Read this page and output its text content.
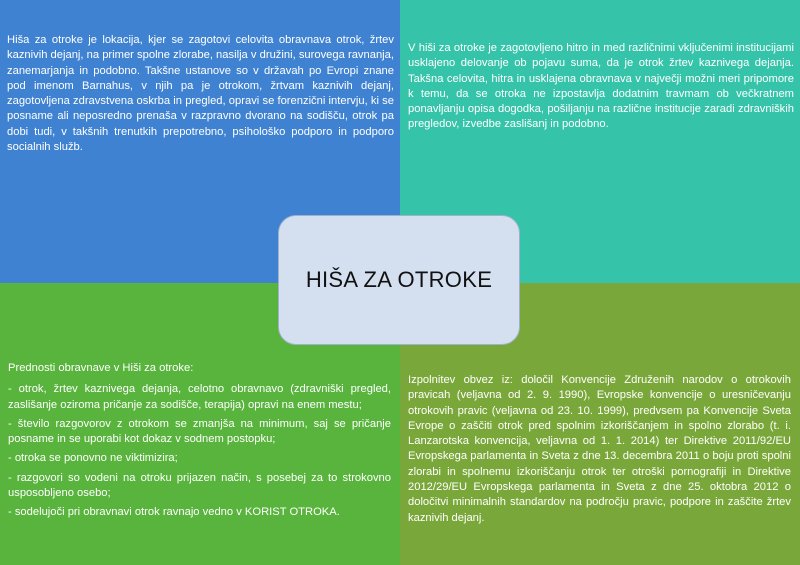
Hiša za otroke je lokacija, kjer se zagotovi celovita obravnava otrok, žrtev kaznivih dejanj, na primer spolne zlorabe, nasilja v družini, surovega ravnanja, zanemarjanja in podobno. Takšne ustanove so v državah po Evropi znane pod imenom Barnahus, v njih pa je otrokom, žrtvam kaznivih dejanj, zagotovljena zdravstvena oskrba in pregled, opravi se forenzični intervju, ki se posname ali neposredno prenaša v razpravno dvorano na sodišču, otrok pa dobi tudi, v takšnih trenutkih prepotrebno, psihološko podporo in podporo socialnih služb.

V hiši za otroke je zagotovljeno hitro in med različnimi vključenimi institucijami usklajeno delovanje ob pojavu suma, da je otrok žrtev kaznivega dejanja. Takšna celovita, hitra in usklajena obravnava v največji možni meri pripomore k temu, da se otroka ne izpostavlja dodatnim travmam ob večkratnem ponavljanju opisa dogodka, pošiljanju na različne institucije zaradi zdravniških pregledov, izvedbe zaslišanj in podobno.

Prednosti obravnave v Hiši za otroke:

- otrok, žrtev kaznivega dejanja, celotno obravnavo (zdravniški pregled, zaslišanje oziroma pričanje za sodišče, terapija) opravi na enem mestu;
- število razgovorov z otrokom se zmanjša na minimum, saj se pričanje posname in se uporabi kot dokaz v sodnem postopku;
- otroka se ponovno ne viktimizira;
- razgovori so vodeni na otroku prijazen način, s posebej za to strokovno usposobljeno osebo;
- sodelujoči pri obravnavi otrok ravnajo vedno v KORIST OTROKA.

Izpolnitev obvez iz: določil Konvencije Združenih narodov o otrokovih pravicah (veljavna od 2. 9. 1990), Evropske konvencije o uresničevanju otrokovih pravic (veljavna od 23. 10. 1999), predvsem pa Konvencije Sveta Evrope o zaščiti otrok pred spolnim izkoriščanjem in spolno zlorabo (t. i. Lanzarotska konvencija, veljavna od 1. 1. 2014) ter Direktive 2011/92/EU Evropskega parlamenta in Sveta z dne 13. decembra 2011 o boju proti spolni zlorabi in spolnemu izkoriščanju otrok ter otroški pornografiji in Direktive 2012/29/EU Evropskega parlamenta in Sveta z dne 25. oktobra 2012 o določitvi minimalnih standardov na področju pravic, podpore in zaščite žrtev kaznivih dejanj.

HIŠA ZA OTROKE
